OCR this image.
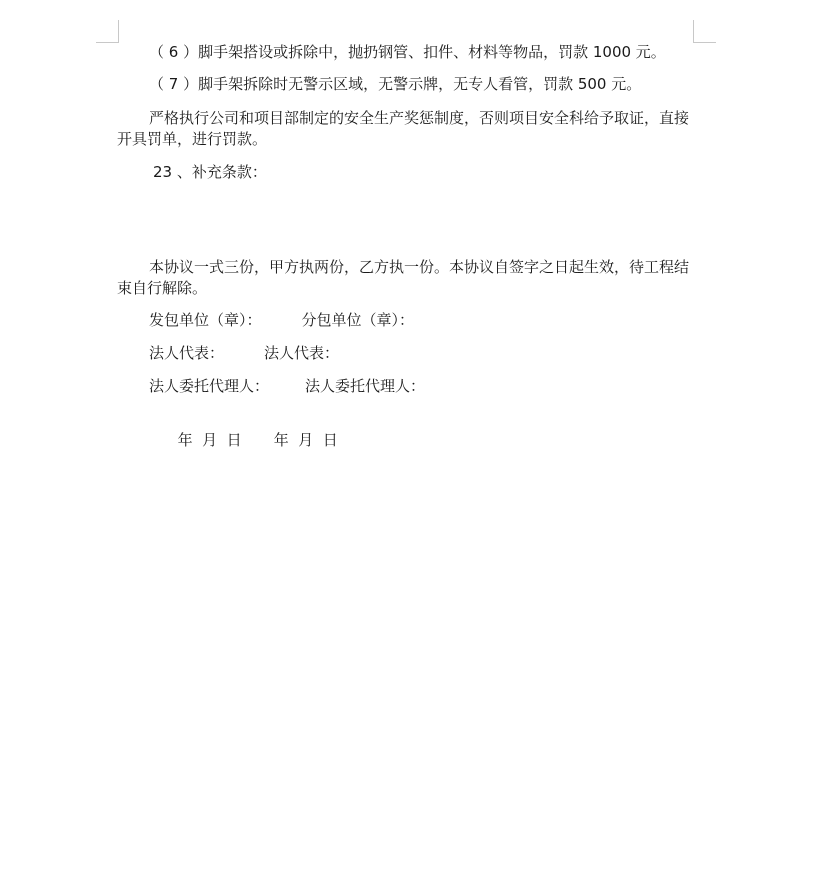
（ 6 ）脚手架搭设或拆除中，抛扔钢管、扣件、材料等物品，罚款 1000 元。
（ 7 ）脚手架拆除时无警示区域，无警示牌，无专人看管，罚款 500 元。
严格执行公司和项目部制定的安全生产奖惩制度，否则项目安全科给予取证，直接开具罚单，进行罚款。
23 、补充条款：
本协议一式三份，甲方执两份，乙方执一份。本协议自签字之日起生效，待工程结束自行解除。
发包单位（章）：	分包单位（章）：
法人代表：	法人代表：
法人委托代理人： 法人委托代理人：

年  月  日 年  月  日
